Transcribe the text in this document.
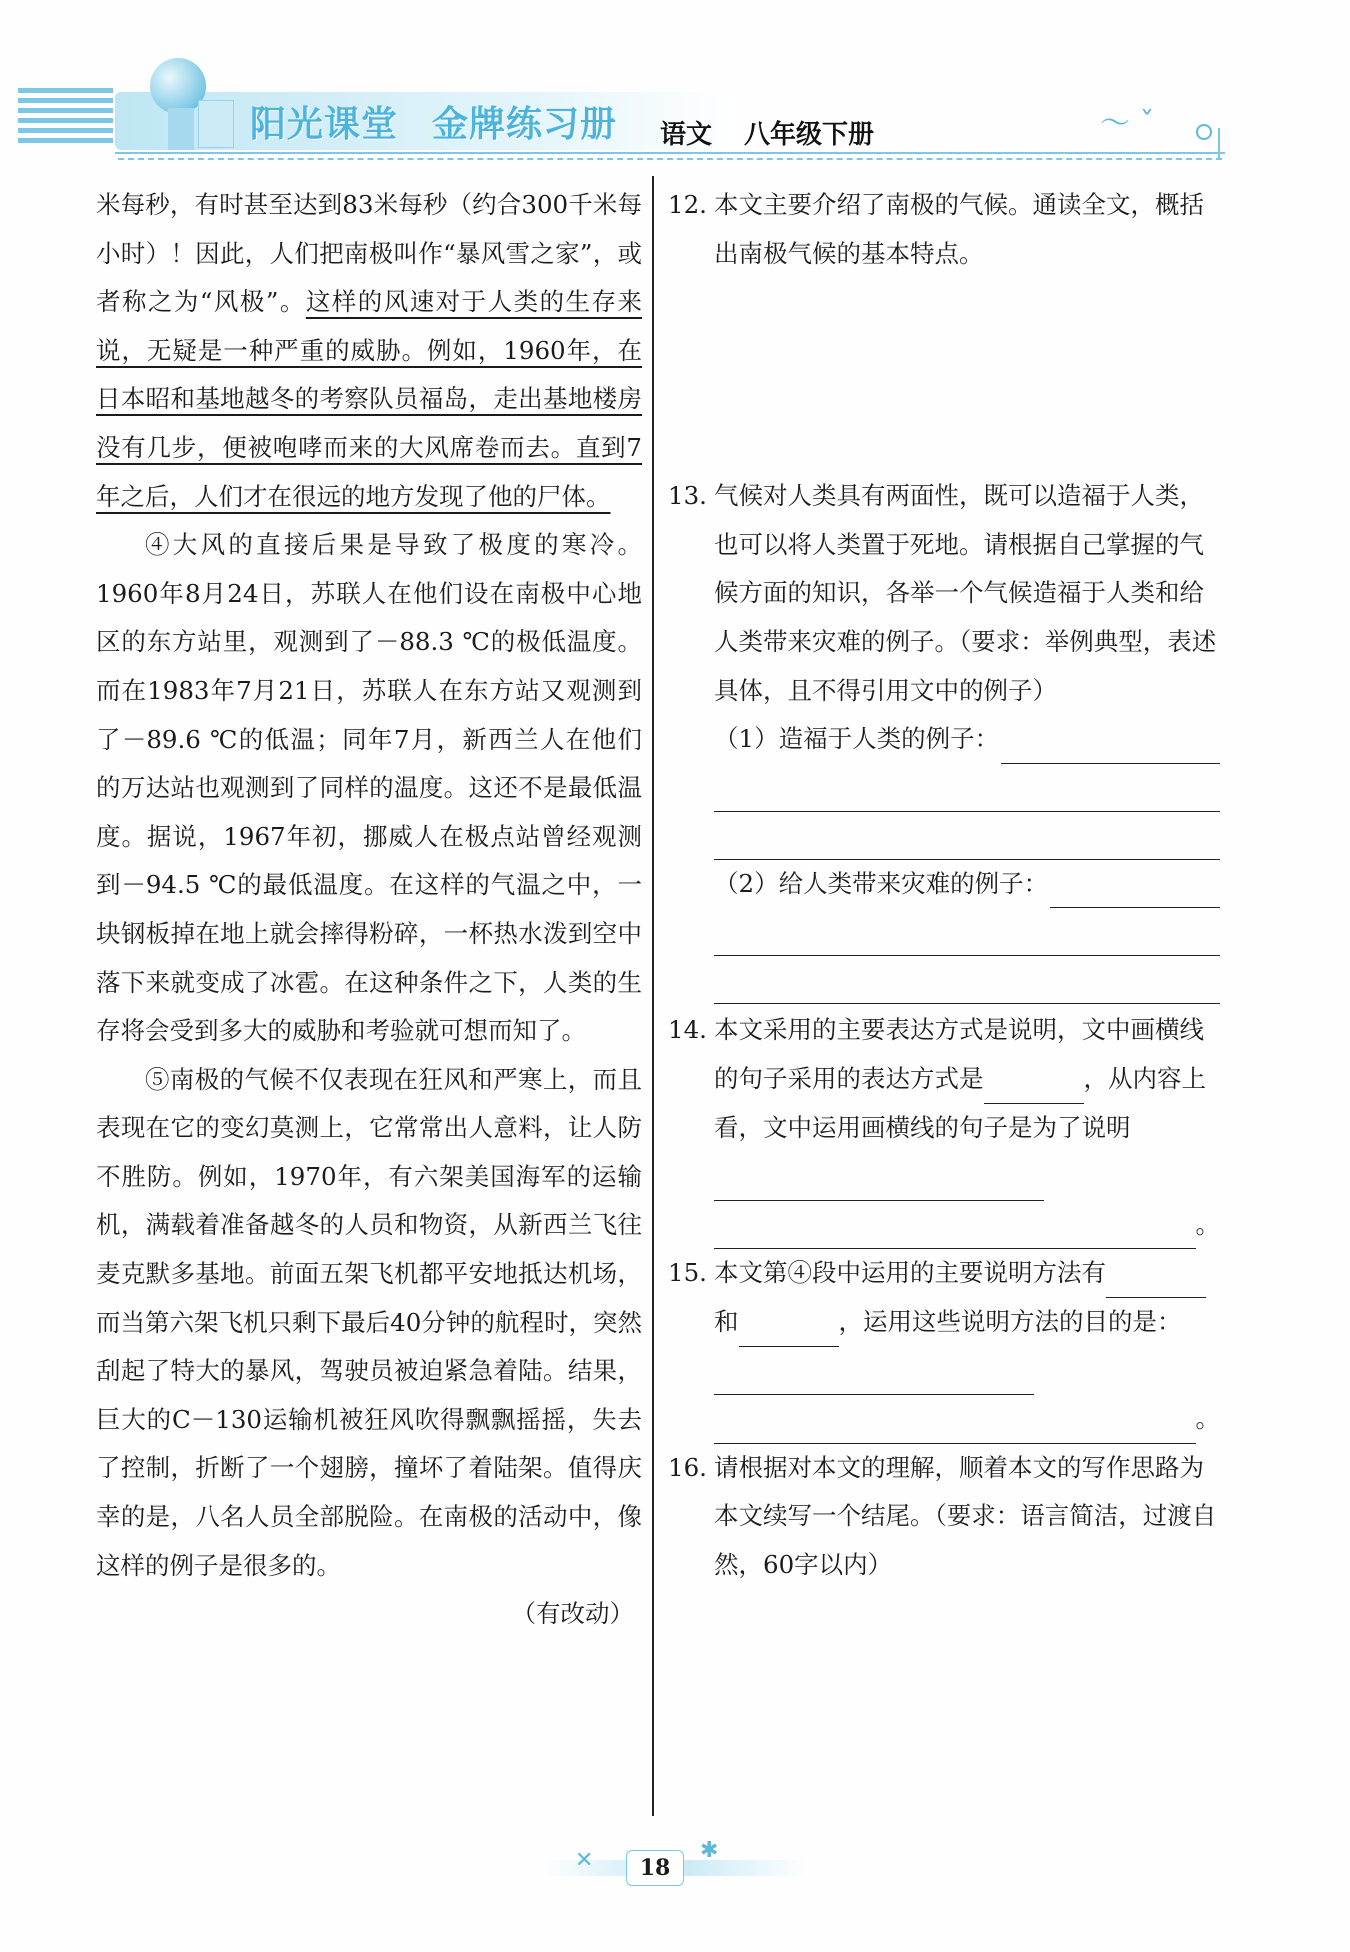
阳光课堂 金牌练习册 语文 八年级下册	〜 ˇ

米每秒，有时甚至达到83米每秒（约合300千米每小时）！因此，人们把南极叫作“暴风雪之家”，或者称之为“风极”。这样的风速对于人类的生存来说，无疑是一种严重的威胁。例如，1960年，在日本昭和基地越冬的考察队员福岛，走出基地楼房没有几步，便被咆哮而来的大风席卷而去。直到7年之后，人们才在很远的地方发现了他的尸体。

④大风的直接后果是导致了极度的寒冷。1960年8月24日，苏联人在他们设在南极中心地区的东方站里，观测到了－88.3 ℃的极低温度。而在1983年7月21日，苏联人在东方站又观测到了－89.6 ℃的低温；同年7月，新西兰人在他们的万达站也观测到了同样的温度。这还不是最低温度。据说，1967年初，挪威人在极点站曾经观测到－94.5 ℃的最低温度。在这样的气温之中，一块钢板掉在地上就会摔得粉碎，一杯热水泼到空中落下来就变成了冰雹。在这种条件之下，人类的生存将会受到多大的威胁和考验就可想而知了。

⑤南极的气候不仅表现在狂风和严寒上，而且表现在它的变幻莫测上，它常常出人意料，让人防不胜防。例如，1970年，有六架美国海军的运输机，满载着准备越冬的人员和物资，从新西兰飞往麦克默多基地。前面五架飞机都平安地抵达机场，而当第六架飞机只剩下最后40分钟的航程时，突然刮起了特大的暴风，驾驶员被迫紧急着陆。结果，巨大的C－130运输机被狂风吹得飘飘摇摇，失去了控制，折断了一个翅膀，撞坏了着陆架。值得庆幸的是，八名人员全部脱险。在南极的活动中，像这样的例子是很多的。

（有改动）

12. 本文主要介绍了南极的气候。通读全文，概括出南极气候的基本特点。
13. 气候对人类具有两面性，既可以造福于人类，也可以将人类置于死地。请根据自己掌握的气候方面的知识，各举一个气候造福于人类和给人类带来灾难的例子。（要求：举例典型，表述具体，且不得引用文中的例子）
（1）造福于人类的例子：
（2）给人类带来灾难的例子：
14. 本文采用的主要表达方式是说明，文中画横线的句子采用的表达方式是	，从内容上看，文中运用画横线的句子是为了说明
。
15. 本文第④段中运用的主要说明方法有和	，运用这些说明方法的目的是：
。
16. 请根据对本文的理解，顺着本文的写作思路为本文续写一个结尾。（要求：语言简洁，过渡自然，60字以内）
✕	✱
18
